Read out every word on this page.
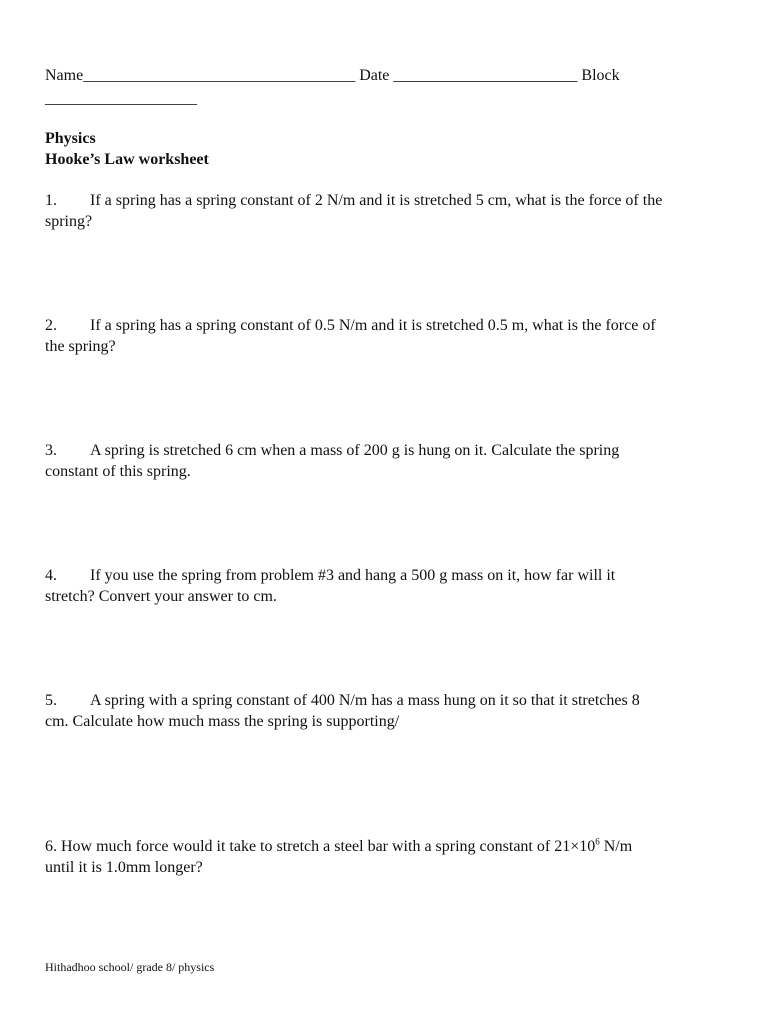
Name__________________________________ Date _______________________ Block
___________________
Physics
Hooke’s Law worksheet
1. If a spring has a spring constant of 2 N/m and it is stretched 5 cm, what is the force of the
spring?
2. If a spring has a spring constant of 0.5 N/m and it is stretched 0.5 m, what is the force of
the spring?
3. A spring is stretched 6 cm when a mass of 200 g is hung on it. Calculate the spring
constant of this spring.
4. If you use the spring from problem #3 and hang a 500 g mass on it, how far will it
stretch? Convert your answer to cm.
5. A spring with a spring constant of 400 N/m has a mass hung on it so that it stretches 8
cm. Calculate how much mass the spring is supporting/
6. How much force would it take to stretch a steel bar with a spring constant of $21\times 10^6$ N/m
until it is 1.0mm longer?
Hithadhoo school/ grade 8/ physics
